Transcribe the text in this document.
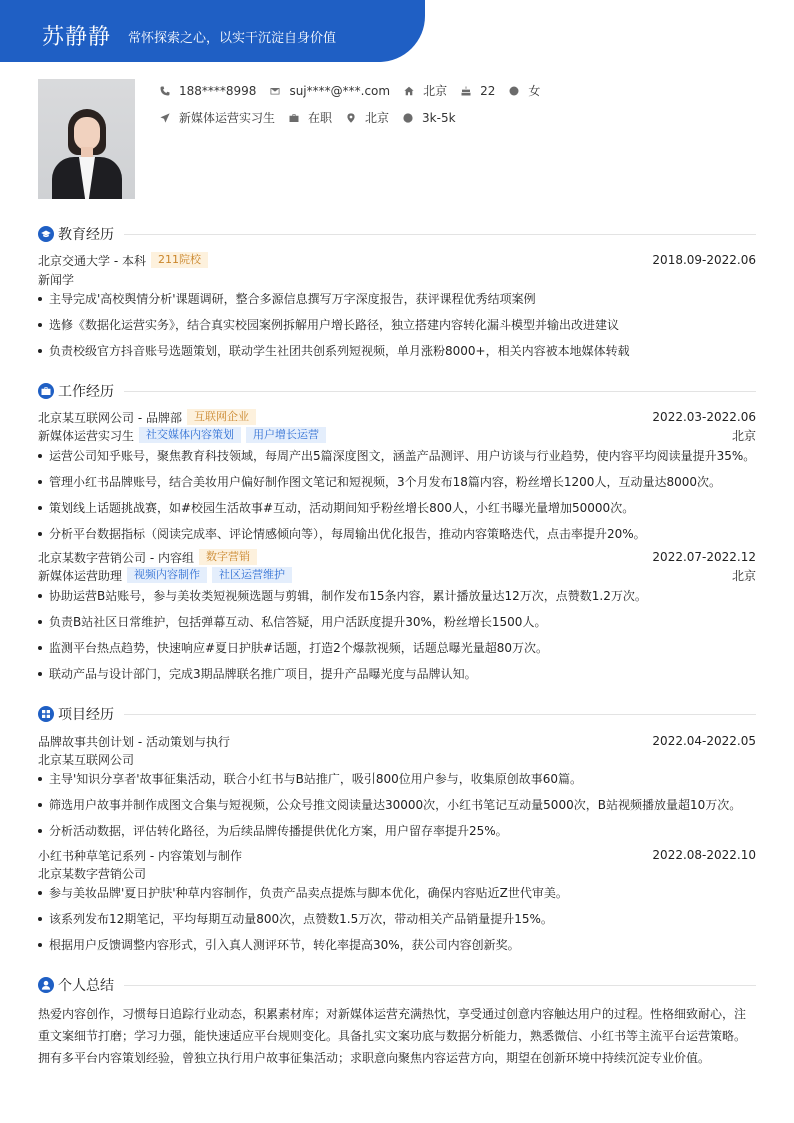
苏静静 常怀探索之心，以实干沉淀自身价值
188****8998	suj****@***.com	北京	22	女
新媒体运营实习生	在职	北京	3k-5k
教育经历
北京交通大学 - 本科	211院校	2018.09-2022.06
新闻学
主导完成'高校舆情分析'课题调研，整合多源信息撰写万字深度报告，获评课程优秀结项案例
选修《数据化运营实务》，结合真实校园案例拆解用户增长路径，独立搭建内容转化漏斗模型并输出改进建议
负责校级官方抖音账号选题策划，联动学生社团共创系列短视频，单月涨粉8000+，相关内容被本地媒体转载
工作经历
北京某互联网公司 - 品牌部	互联网企业	2022.03-2022.06
新媒体运营实习生	社交媒体内容策划	用户增长运营	北京
运营公司知乎账号，聚焦教育科技领域，每周产出5篇深度图文，涵盖产品测评、用户访谈与行业趋势，使内容平均阅读量提升35%。
管理小红书品牌账号，结合美妆用户偏好制作图文笔记和短视频，3个月发布18篇内容，粉丝增长1200人，互动量达8000次。
策划线上话题挑战赛，如#校园生活故事#互动，活动期间知乎粉丝增长800人，小红书曝光量增加50000次。
分析平台数据指标（阅读完成率、评论情感倾向等），每周输出优化报告，推动内容策略迭代，点击率提升20%。
北京某数字营销公司 - 内容组	数字营销	2022.07-2022.12
新媒体运营助理	视频内容制作	社区运营维护	北京
协助运营B站账号，参与美妆类短视频选题与剪辑，制作发布15条内容，累计播放量达12万次，点赞数1.2万次。
负责B站社区日常维护，包括弹幕互动、私信答疑，用户活跃度提升30%，粉丝增长1500人。
监测平台热点趋势，快速响应#夏日护肤#话题，打造2个爆款视频，话题总曝光量超80万次。
联动产品与设计部门，完成3期品牌联名推广项目，提升产品曝光度与品牌认知。
项目经历
品牌故事共创计划 - 活动策划与执行	2022.04-2022.05
北京某互联网公司
主导'知识分享者'故事征集活动，联合小红书与B站推广，吸引800位用户参与，收集原创故事60篇。
筛选用户故事并制作成图文合集与短视频，公众号推文阅读量达30000次，小红书笔记互动量5000次，B站视频播放量超10万次。
分析活动数据，评估转化路径，为后续品牌传播提供优化方案，用户留存率提升25%。
小红书种草笔记系列 - 内容策划与制作	2022.08-2022.10
北京某数字营销公司
参与美妆品牌'夏日护肤'种草内容制作，负责产品卖点提炼与脚本优化，确保内容贴近Z世代审美。
该系列发布12期笔记，平均每期互动量800次，点赞数1.5万次，带动相关产品销量提升15%。
根据用户反馈调整内容形式，引入真人测评环节，转化率提高30%，获公司内容创新奖。
个人总结
热爱内容创作，习惯每日追踪行业动态，积累素材库；对新媒体运营充满热忱，享受通过创意内容触达用户的过程。性格细致耐心，注重文案细节打磨；学习力强，能快速适应平台规则变化。具备扎实文案功底与数据分析能力，熟悉微信、小红书等主流平台运营策略。拥有多平台内容策划经验，曾独立执行用户故事征集活动；求职意向聚焦内容运营方向，期望在创新环境中持续沉淀专业价值。
